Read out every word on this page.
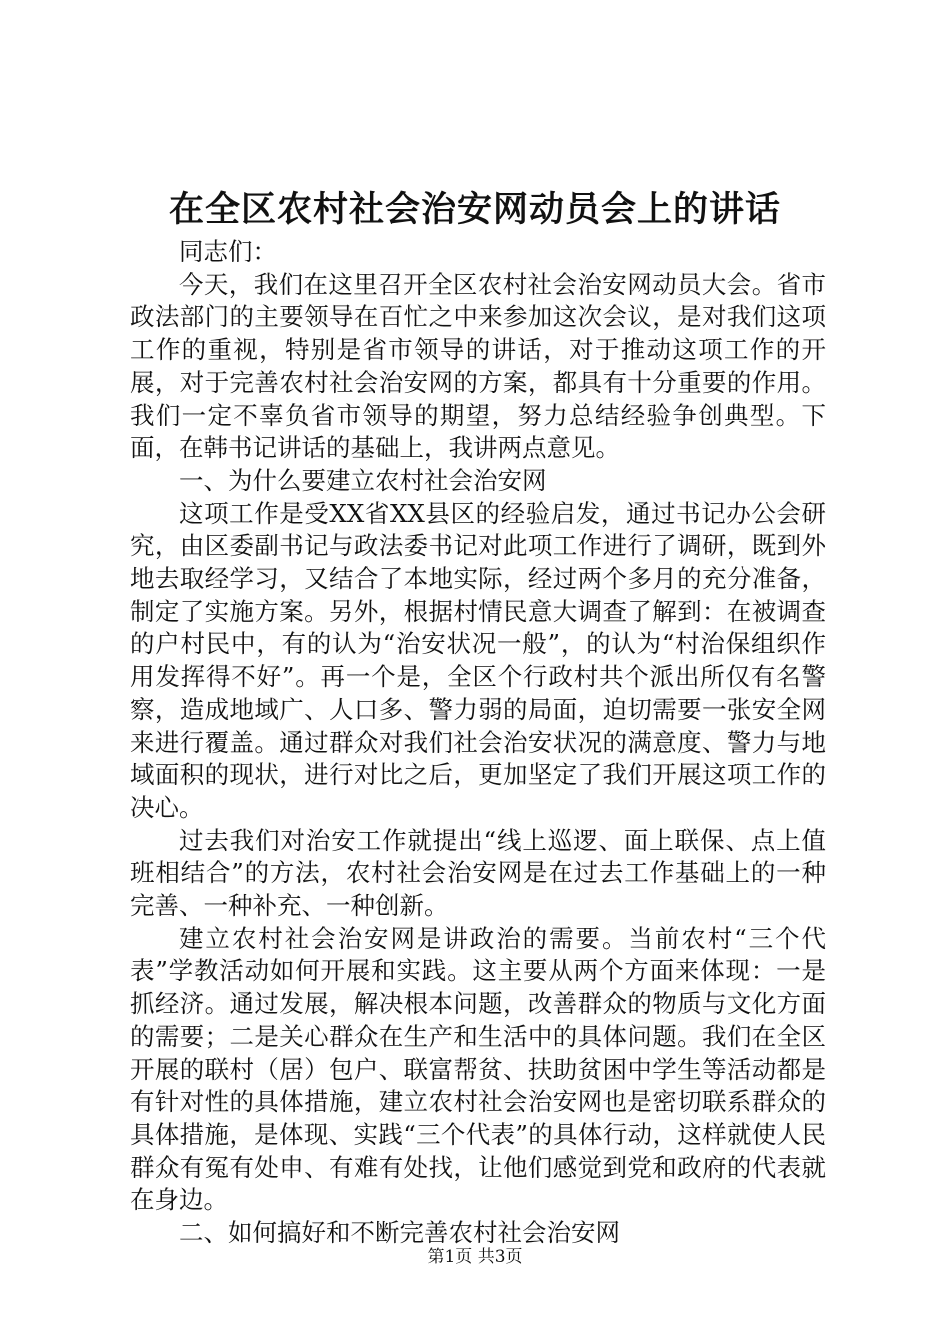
在全区农村社会治安网动员会上的讲话

同志们：

今天，我们在这里召开全区农村社会治安网动员大会。省市政法部门的主要领导在百忙之中来参加这次会议，是对我们这项工作的重视，特别是省市领导的讲话，对于推动这项工作的开展，对于完善农村社会治安网的方案，都具有十分重要的作用。我们一定不辜负省市领导的期望，努力总结经验争创典型。下面，在韩书记讲话的基础上，我讲两点意见。

一、为什么要建立农村社会治安网

这项工作是受XX省XX县区的经验启发，通过书记办公会研究，由区委副书记与政法委书记对此项工作进行了调研，既到外地去取经学习，又结合了本地实际，经过两个多月的充分准备，制定了实施方案。另外，根据村情民意大调查了解到：在被调查的户村民中，有的认为“治安状况一般”，的认为“村治保组织作用发挥得不好”。再一个是，全区个行政村共个派出所仅有名警察，造成地域广、人口多、警力弱的局面，迫切需要一张安全网来进行覆盖。通过群众对我们社会治安状况的满意度、警力与地域面积的现状，进行对比之后，更加坚定了我们开展这项工作的决心。

过去我们对治安工作就提出“线上巡逻、面上联保、点上值班相结合”的方法，农村社会治安网是在过去工作基础上的一种完善、一种补充、一种创新。

建立农村社会治安网是讲政治的需要。当前农村“三个代表”学教活动如何开展和实践。这主要从两个方面来体现：一是抓经济。通过发展，解决根本问题，改善群众的物质与文化方面的需要；二是关心群众在生产和生活中的具体问题。我们在全区开展的联村（居）包户、联富帮贫、扶助贫困中学生等活动都是有针对性的具体措施，建立农村社会治安网也是密切联系群众的具体措施，是体现、实践“三个代表”的具体行动，这样就使人民群众有冤有处申、有难有处找，让他们感觉到党和政府的代表就在身边。

二、如何搞好和不断完善农村社会治安网

第1页 共3页
